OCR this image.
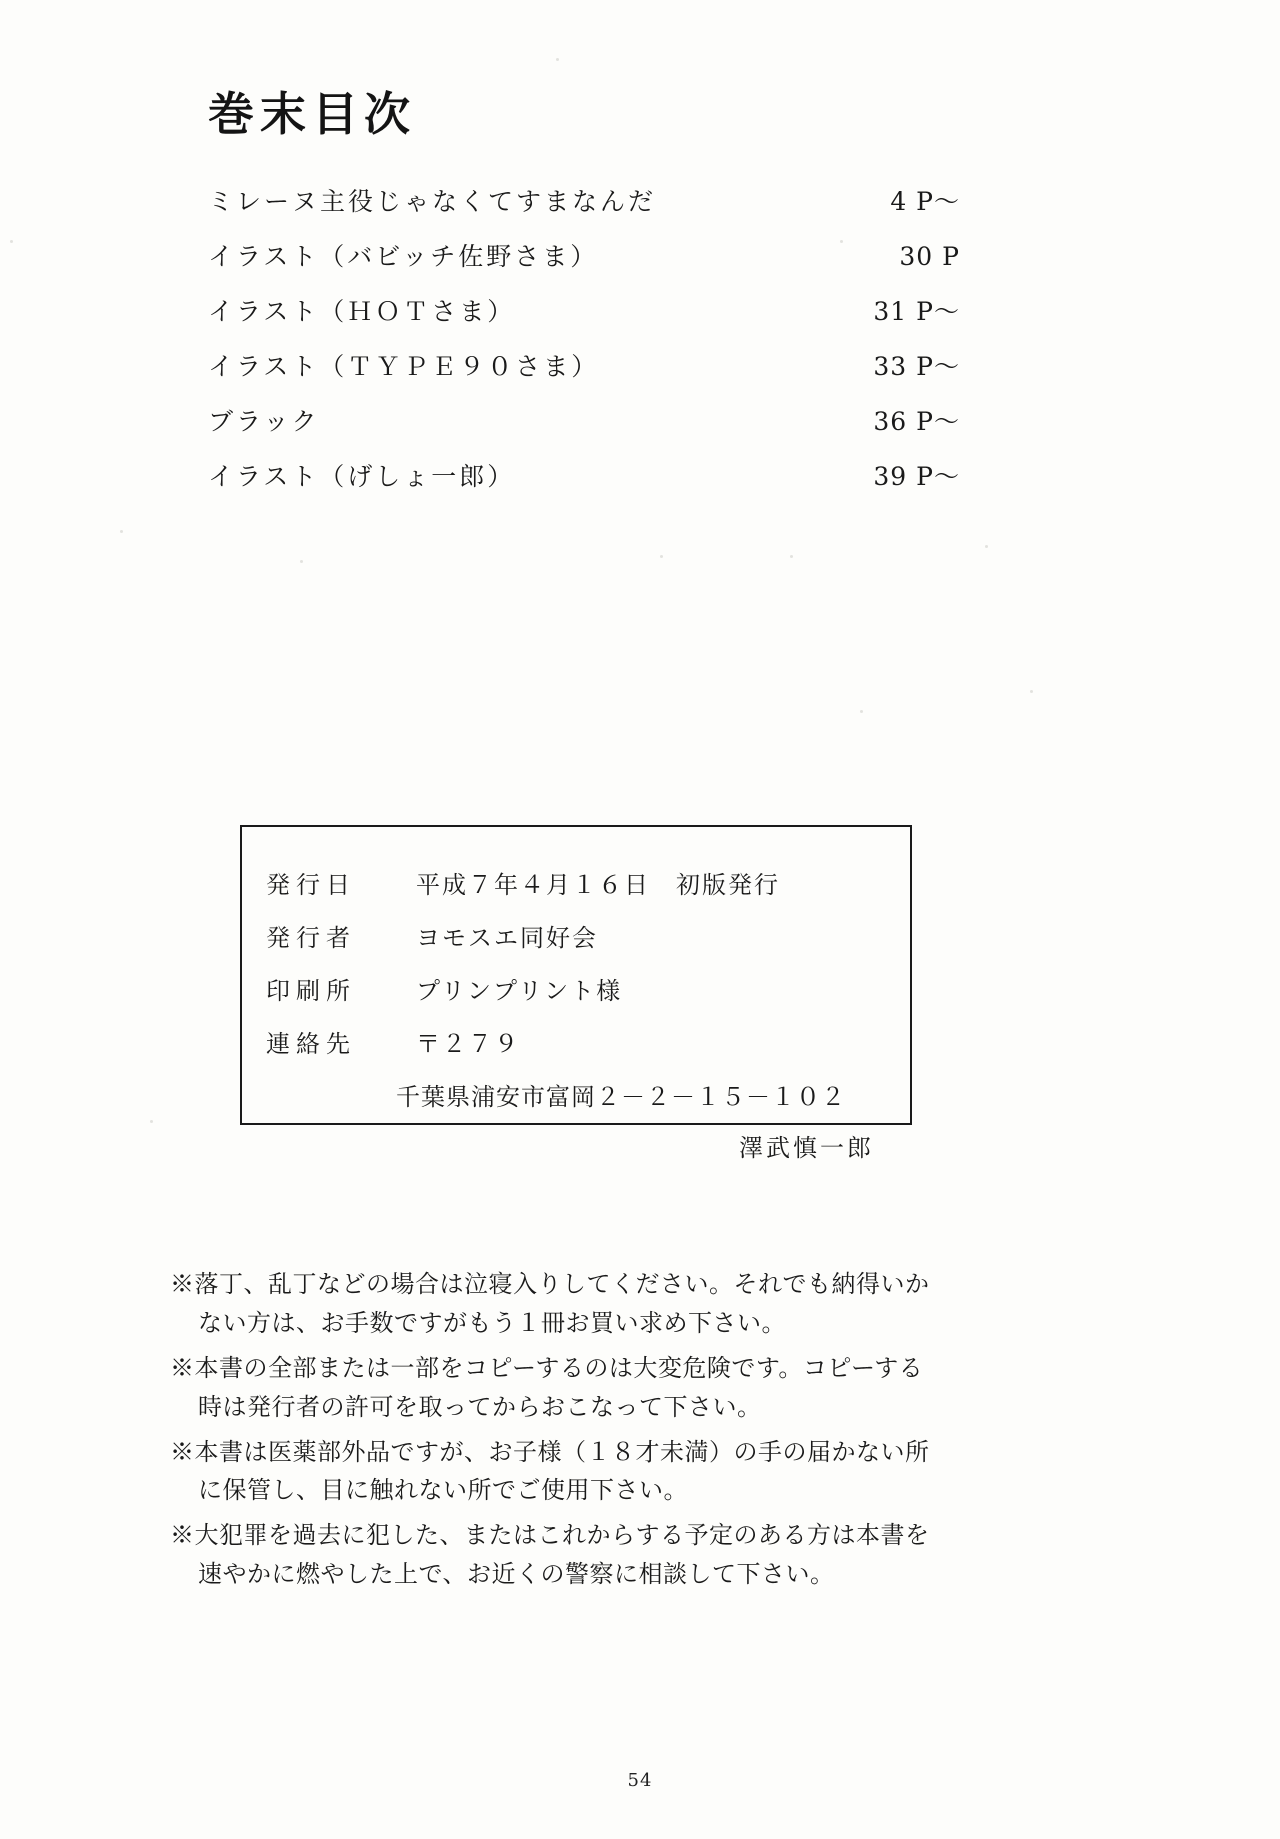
巻末目次
ミレーヌ主役じゃなくてすまなんだ	4 P〜
イラスト（バビッチ佐野さま）	30 P
イラスト（ＨＯＴさま）	31 P〜
イラスト（ＴＹＰＥ９０さま）	33 P〜
ブラック	36 P〜
イラスト（げしょ一郎）	39 P〜
発行日	平成７年４月１６日　初版発行
発行者	ヨモスエ同好会
印刷所	プリンプリント様
連絡先	〒２７９
千葉県浦安市富岡２－２－１５－１０２
澤武慎一郎
※落丁、乱丁などの場合は泣寝入りしてください。それでも納得いか
ない方は、お手数ですがもう１冊お買い求め下さい。
※本書の全部または一部をコピーするのは大変危険です。コピーする
時は発行者の許可を取ってからおこなって下さい。
※本書は医薬部外品ですが、お子様（１８才未満）の手の届かない所
に保管し、目に触れない所でご使用下さい。
※大犯罪を過去に犯した、またはこれからする予定のある方は本書を
速やかに燃やした上で、お近くの警察に相談して下さい。
54
